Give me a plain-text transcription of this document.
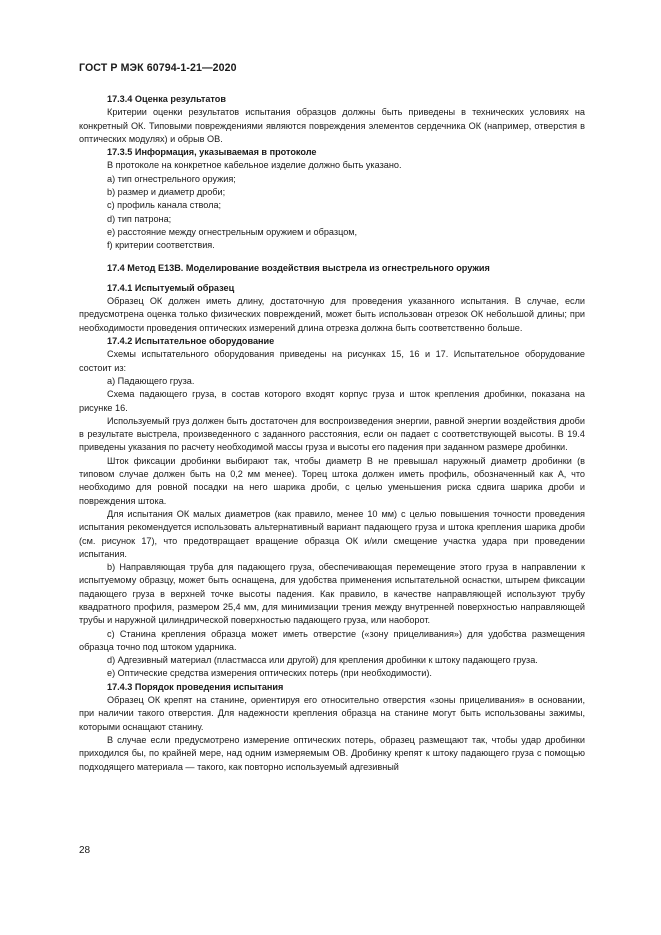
ГОСТ Р МЭК 60794-1-21—2020

17.3.4 Оценка результатов

Критерии оценки результатов испытания образцов должны быть приведены в технических условиях на конкретный ОК. Типовыми повреждениями являются повреждения элементов сердечника ОК (например, отверстия в оптических модулях) и обрыв ОВ.

17.3.5 Информация, указываемая в протоколе

В протоколе на конкретное кабельное изделие должно быть указано.

а) тип огнестрельного оружия;

b) размер и диаметр дроби;

c) профиль канала ствола;

d) тип патрона;

e) расстояние между огнестрельным оружием и образцом,

f) критерии соответствия.

17.4 Метод E13B. Моделирование воздействия выстрела из огнестрельного оружия

17.4.1 Испытуемый образец

Образец ОК должен иметь длину, достаточную для проведения указанного испытания. В случае, если предусмотрена оценка только физических повреждений, может быть использован отрезок ОК небольшой длины; при необходимости проведения оптических измерений длина отрезка должна быть соответственно больше.

17.4.2 Испытательное оборудование

Схемы испытательного оборудования приведены на рисунках 15, 16 и 17. Испытательное оборудование состоит из:

а) Падающего груза.

Схема падающего груза, в состав которого входят корпус груза и шток крепления дробинки, показана на рисунке 16.

Используемый груз должен быть достаточен для воспроизведения энергии, равной энергии воздействия дроби в результате выстрела, произведенного с заданного расстояния, если он падает с соответствующей высоты. В 19.4 приведены указания по расчету необходимой массы груза и высоты его падения при заданном размере дробинки.

Шток фиксации дробинки выбирают так, чтобы диаметр B не превышал наружный диаметр дробинки (в типовом случае должен быть на 0,2 мм менее). Торец штока должен иметь профиль, обозначенный как A, что необходимо для ровной посадки на него шарика дроби, с целью уменьшения риска сдвига шарика дроби и повреждения штока.

Для испытания ОК малых диаметров (как правило, менее 10 мм) с целью повышения точности проведения испытания рекомендуется использовать альтернативный вариант падающего груза и штока крепления шарика дроби (см. рисунок 17), что предотвращает вращение образца ОК и/или смещение участка удара при проведении испытания.

b) Направляющая труба для падающего груза, обеспечивающая перемещение этого груза в направлении к испытуемому образцу, может быть оснащена, для удобства применения испытательной оснастки, штырем фиксации падающего груза в верхней точке высоты падения. Как правило, в качестве направляющей используют трубу квадратного профиля, размером 25,4 мм, для минимизации трения между внутренней поверхностью направляющей трубы и наружной цилиндрической поверхностью падающего груза, или наоборот.

c) Станина крепления образца может иметь отверстие («зону прицеливания») для удобства размещения образца точно под штоком ударника.

d) Адгезивный материал (пластмасса или другой) для крепления дробинки к штоку падающего груза.

e) Оптические средства измерения оптических потерь (при необходимости).

17.4.3 Порядок проведения испытания

Образец ОК крепят на станине, ориентируя его относительно отверстия «зоны прицеливания» в основании, при наличии такого отверстия. Для надежности крепления образца на станине могут быть использованы зажимы, которыми оснащают станину.

В случае если предусмотрено измерение оптических потерь, образец размещают так, чтобы удар дробинки приходился бы, по крайней мере, над одним измеряемым ОВ. Дробинку крепят к штоку падающего груза с помощью подходящего материала — такого, как повторно используемый адгезивный

28
